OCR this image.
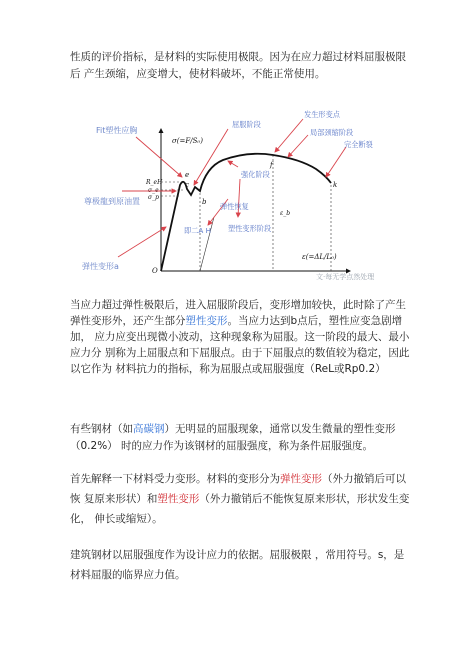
性质的评价指标，是材料的实际使用极限。因为在应力超过材料屈服极限后 产生颈缩，应变增大，使材料破坏，不能正常使用。
σ(=F/S₀)
ε(=ΔL/L₀)
O
R_eH
σ_e
σ_p
e
c
b
f
k
ε_b
Fit塑性应胸
尊极龍到原油置
弹性变形a
屈服阶段
强化阶段
发生形变点
局部颈缩阶段
完全断裂
弹性恢复
塑性变形阶段
即二A H
文·每无学点然处理
当应力超过弹性极限后，进入屈服阶段后，变形增加较快，此时除了产生弹性变形外，还产生部分塑性变形。当应力达到b点后，塑性应变急剧增加， 应力应变出现微小波动，这种现象称为屈服。这一阶段的最大、最小应力分 别称为上屈服点和下屈服点。由于下屈服点的数值较为稳定，因此以它作为 材料抗力的指标，称为屈服点或屈服强度（ReL或Rp0.2）
有些钢材（如高碳钢）无明显的屈服现象，通常以发生微量的塑性变形（0.2%） 时的应力作为该钢材的屈服强度，称为条件屈服强度。
首先解释一下材料受力变形。材料的变形分为弹性变形（外力撤销后可以恢 复原来形状）和塑性变形（外力撤销后不能恢复原来形状，形状发生变化， 伸长或缩短）。
建筑钢材以屈服强度作为设计应力的依据。屈服极限 ，常用符号。s，是材料屈服的临界应力值。
